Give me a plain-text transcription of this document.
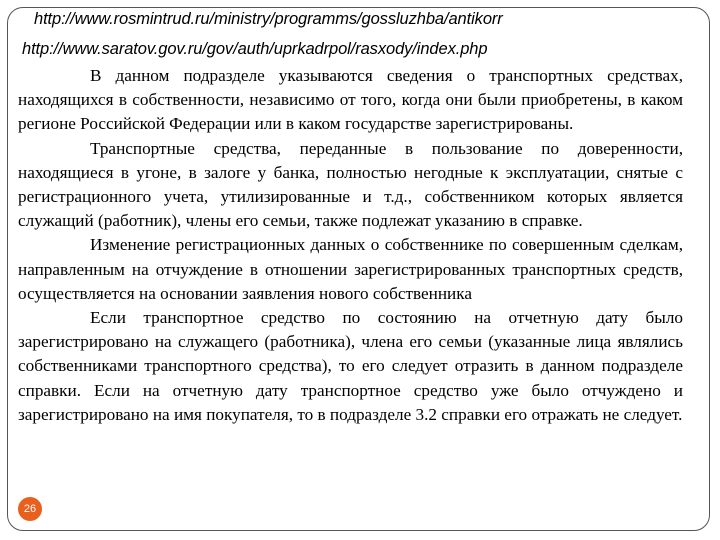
http://www.rosmintrud.ru/ministry/programms/gossluzhba/antikorr
http://www.saratov.gov.ru/gov/auth/uprkadrpol/rasxody/index.php

В данном подразделе указываются сведения о транспортных средствах, находящихся в собственности, независимо от того, когда они были приобретены, в каком регионе Российской Федерации или в каком государстве зарегистрированы.

Транспортные средства, переданные в пользование по доверенности, находящиеся в угоне, в залоге у банка, полностью негодные к эксплуатации, снятые с регистрационного учета, утилизированные и т.д., собственником которых является служащий (работник), члены его семьи, также подлежат указанию в справке.

Изменение регистрационных данных о собственнике по совершенным сделкам, направленным на отчуждение в отношении зарегистрированных транспортных средств, осуществляется на основании заявления нового собственника

Если транспортное средство по состоянию на отчетную дату было зарегистрировано на служащего (работника), члена его семьи (указанные лица являлись собственниками транспортного средства), то его следует отразить в данном подразделе справки. Если на отчетную дату транспортное средство уже было отчуждено и зарегистрировано на имя покупателя, то в подразделе 3.2 справки его отражать не следует.

26
